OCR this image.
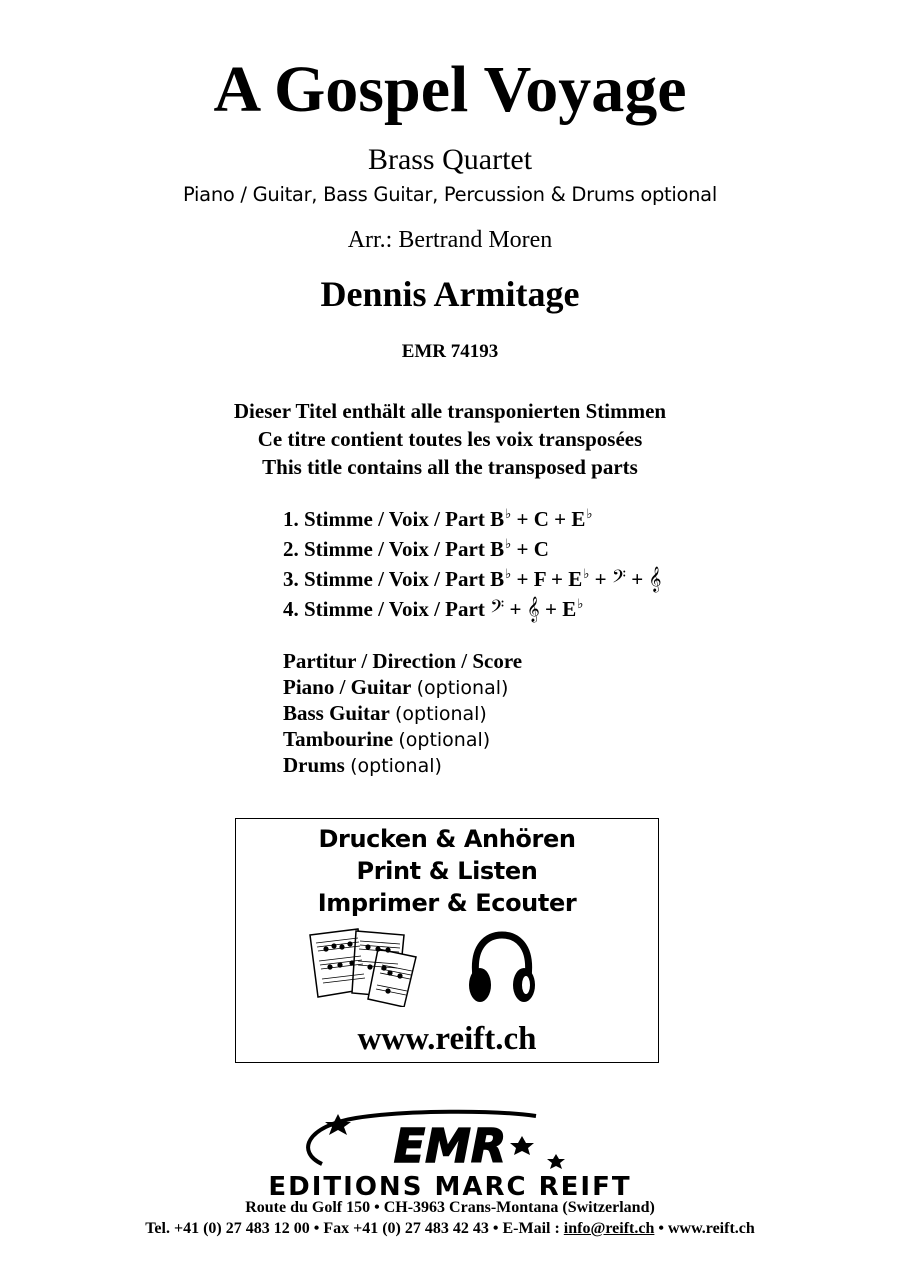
A Gospel Voyage
Brass Quartet
Piano / Guitar, Bass Guitar, Percussion & Drums optional
Arr.: Bertrand Moren
Dennis Armitage
EMR 74193
Dieser Titel enthält alle transponierten Stimmen
Ce titre contient toutes les voix transposées
This title contains all the transposed parts
1. Stimme / Voix / Part B♭ + C + E♭
2. Stimme / Voix / Part B♭ + C
3. Stimme / Voix / Part B♭ + F + E♭ + 𝄢 + 𝄞
4. Stimme / Voix / Part 𝄢 + 𝄞 + E♭
Partitur / Direction / Score
Piano / Guitar (optional)
Bass Guitar (optional)
Tambourine (optional)
Drums (optional)
Drucken & Anhören
Print & Listen
Imprimer & Ecouter
www.reift.ch
EMR
EDITIONS MARC REIFT
Route du Golf 150 • CH-3963 Crans-Montana (Switzerland)
Tel. +41 (0) 27 483 12 00 • Fax +41 (0) 27 483 42 43 • E-Mail : info@reift.ch • www.reift.ch
